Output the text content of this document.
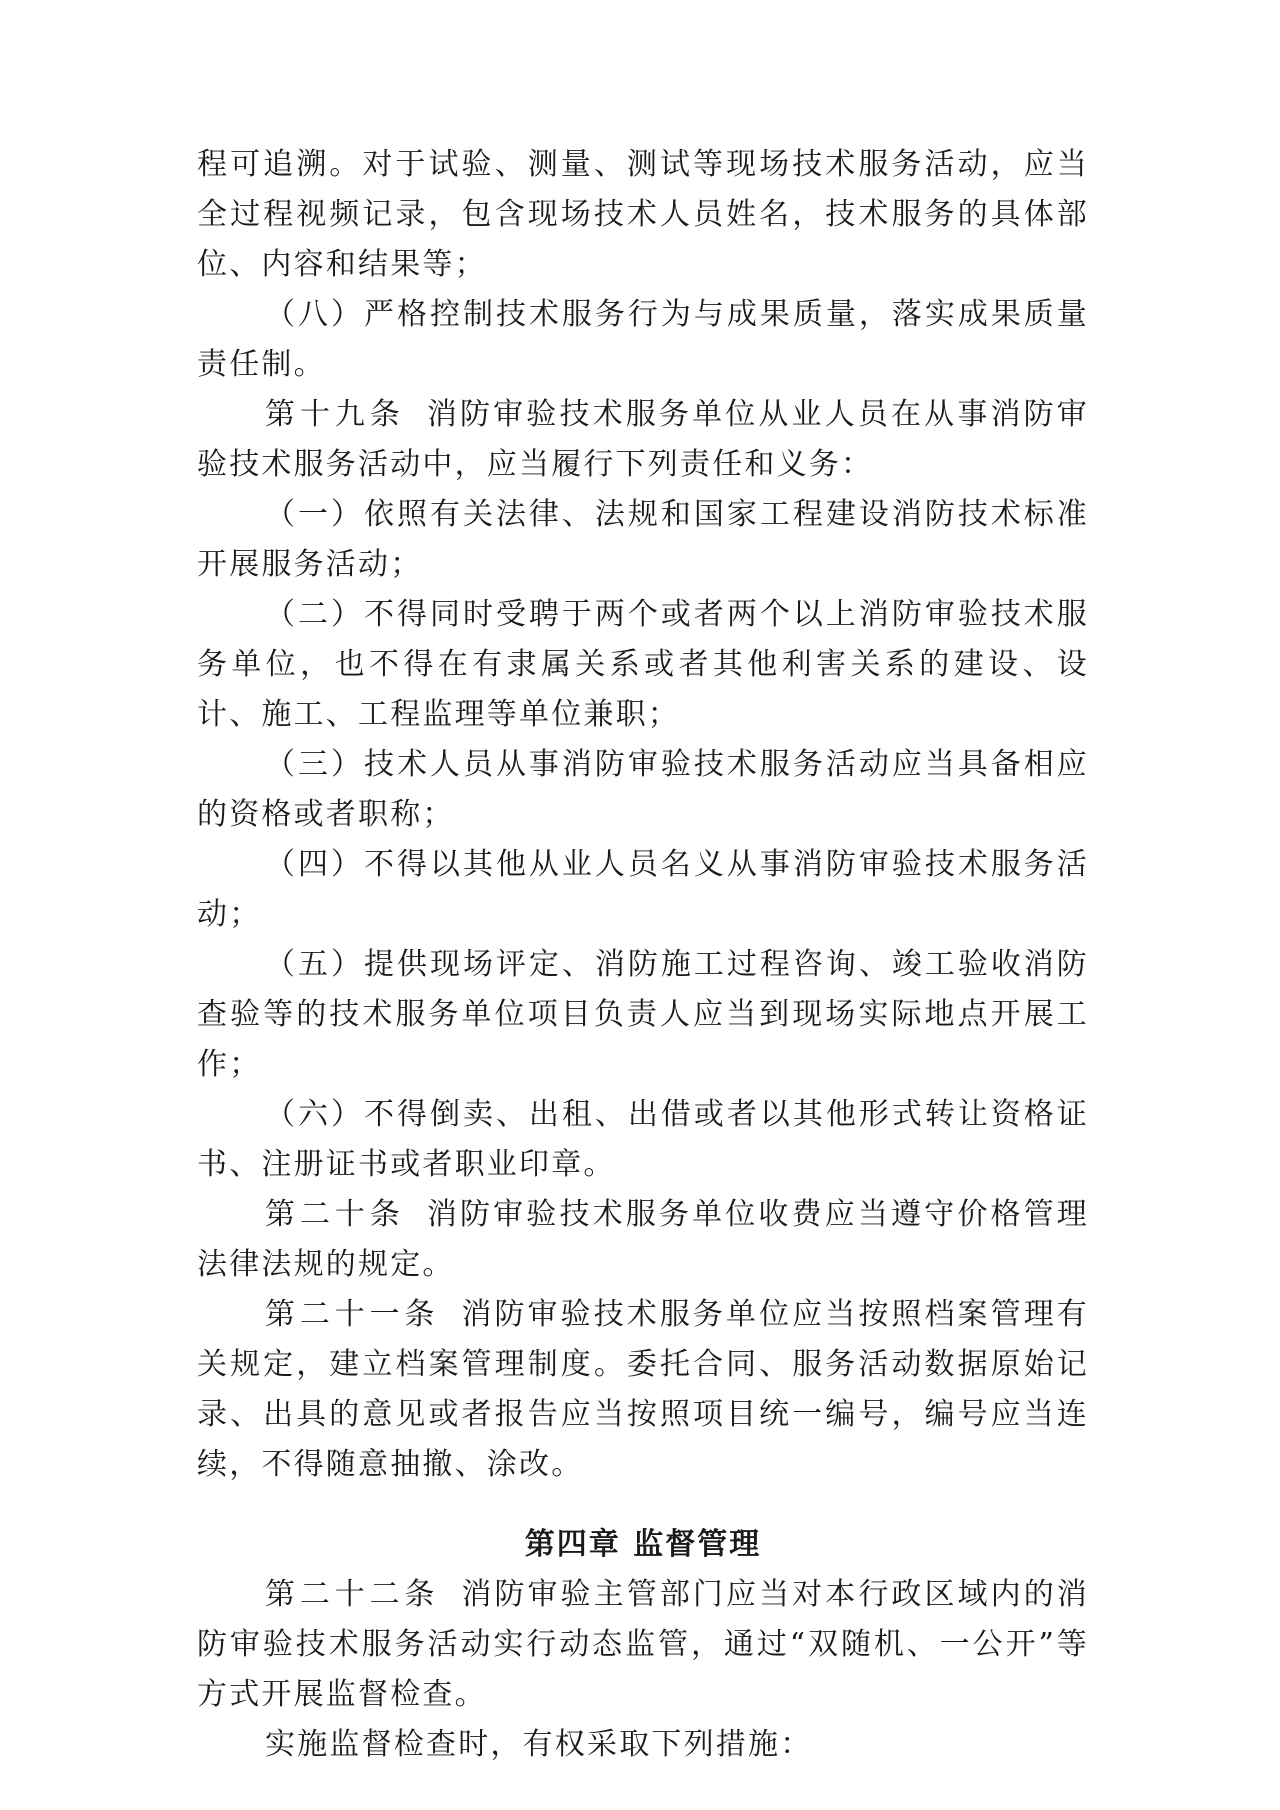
程可追溯。对于试验、测量、测试等现场技术服务活动，应当全过程视频记录，包含现场技术人员姓名，技术服务的具体部位、内容和结果等；

（八）严格控制技术服务行为与成果质量，落实成果质量责任制。

第十九条 消防审验技术服务单位从业人员在从事消防审验技术服务活动中，应当履行下列责任和义务：

（一）依照有关法律、法规和国家工程建设消防技术标准开展服务活动；

（二）不得同时受聘于两个或者两个以上消防审验技术服务单位，也不得在有隶属关系或者其他利害关系的建设、设计、施工、工程监理等单位兼职；

（三）技术人员从事消防审验技术服务活动应当具备相应的资格或者职称；

（四）不得以其他从业人员名义从事消防审验技术服务活动；

（五）提供现场评定、消防施工过程咨询、竣工验收消防查验等的技术服务单位项目负责人应当到现场实际地点开展工作；

（六）不得倒卖、出租、出借或者以其他形式转让资格证书、注册证书或者职业印章。

第二十条 消防审验技术服务单位收费应当遵守价格管理法律法规的规定。

第二十一条 消防审验技术服务单位应当按照档案管理有关规定，建立档案管理制度。委托合同、服务活动数据原始记录、出具的意见或者报告应当按照项目统一编号，编号应当连续，不得随意抽撤、涂改。

第四章 监督管理

第二十二条 消防审验主管部门应当对本行政区域内的消防审验技术服务活动实行动态监管，通过“双随机、一公开”等方式开展监督检查。

实施监督检查时，有权采取下列措施：
